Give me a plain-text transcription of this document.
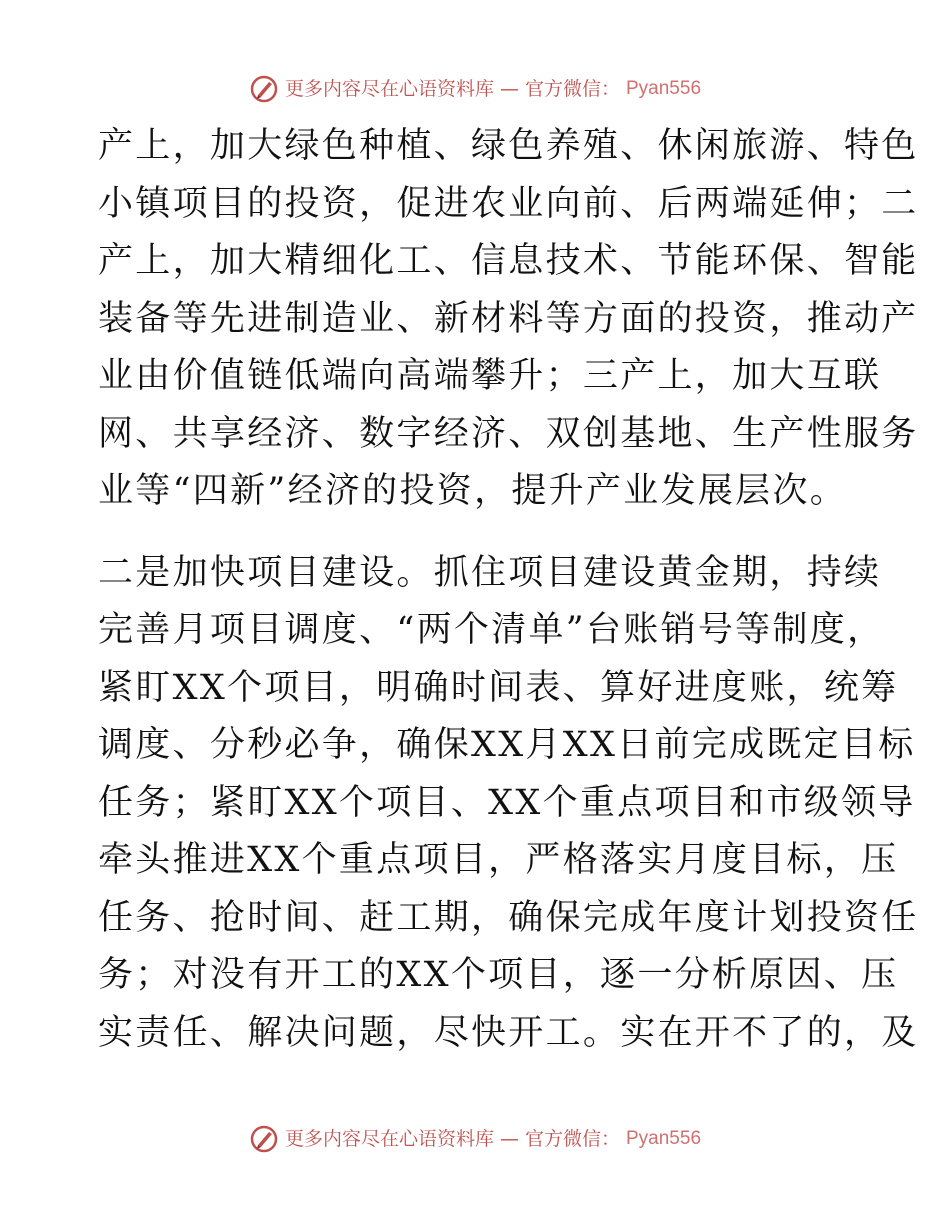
更多内容尽在心语资料库 — 官方微信： Pyan556
产上，加大绿色种植、绿色养殖、休闲旅游、特色
小镇项目的投资，促进农业向前、后两端延伸；二
产上，加大精细化工、信息技术、节能环保、智能
装备等先进制造业、新材料等方面的投资，推动产
业由价值链低端向高端攀升；三产上，加大互联
网、共享经济、数字经济、双创基地、生产性服务
业等“四新”经济的投资，提升产业发展层次。
二是加快项目建设。抓住项目建设黄金期，持续
完善月项目调度、“两个清单”台账销号等制度，
紧盯XX个项目，明确时间表、算好进度账，统筹
调度、分秒必争，确保XX月XX日前完成既定目标
任务；紧盯XX个项目、XX个重点项目和市级领导
牵头推进XX个重点项目，严格落实月度目标，压
任务、抢时间、赶工期，确保完成年度计划投资任
务；对没有开工的XX个项目，逐一分析原因、压
实责任、解决问题，尽快开工。实在开不了的，及
更多内容尽在心语资料库 — 官方微信： Pyan556
